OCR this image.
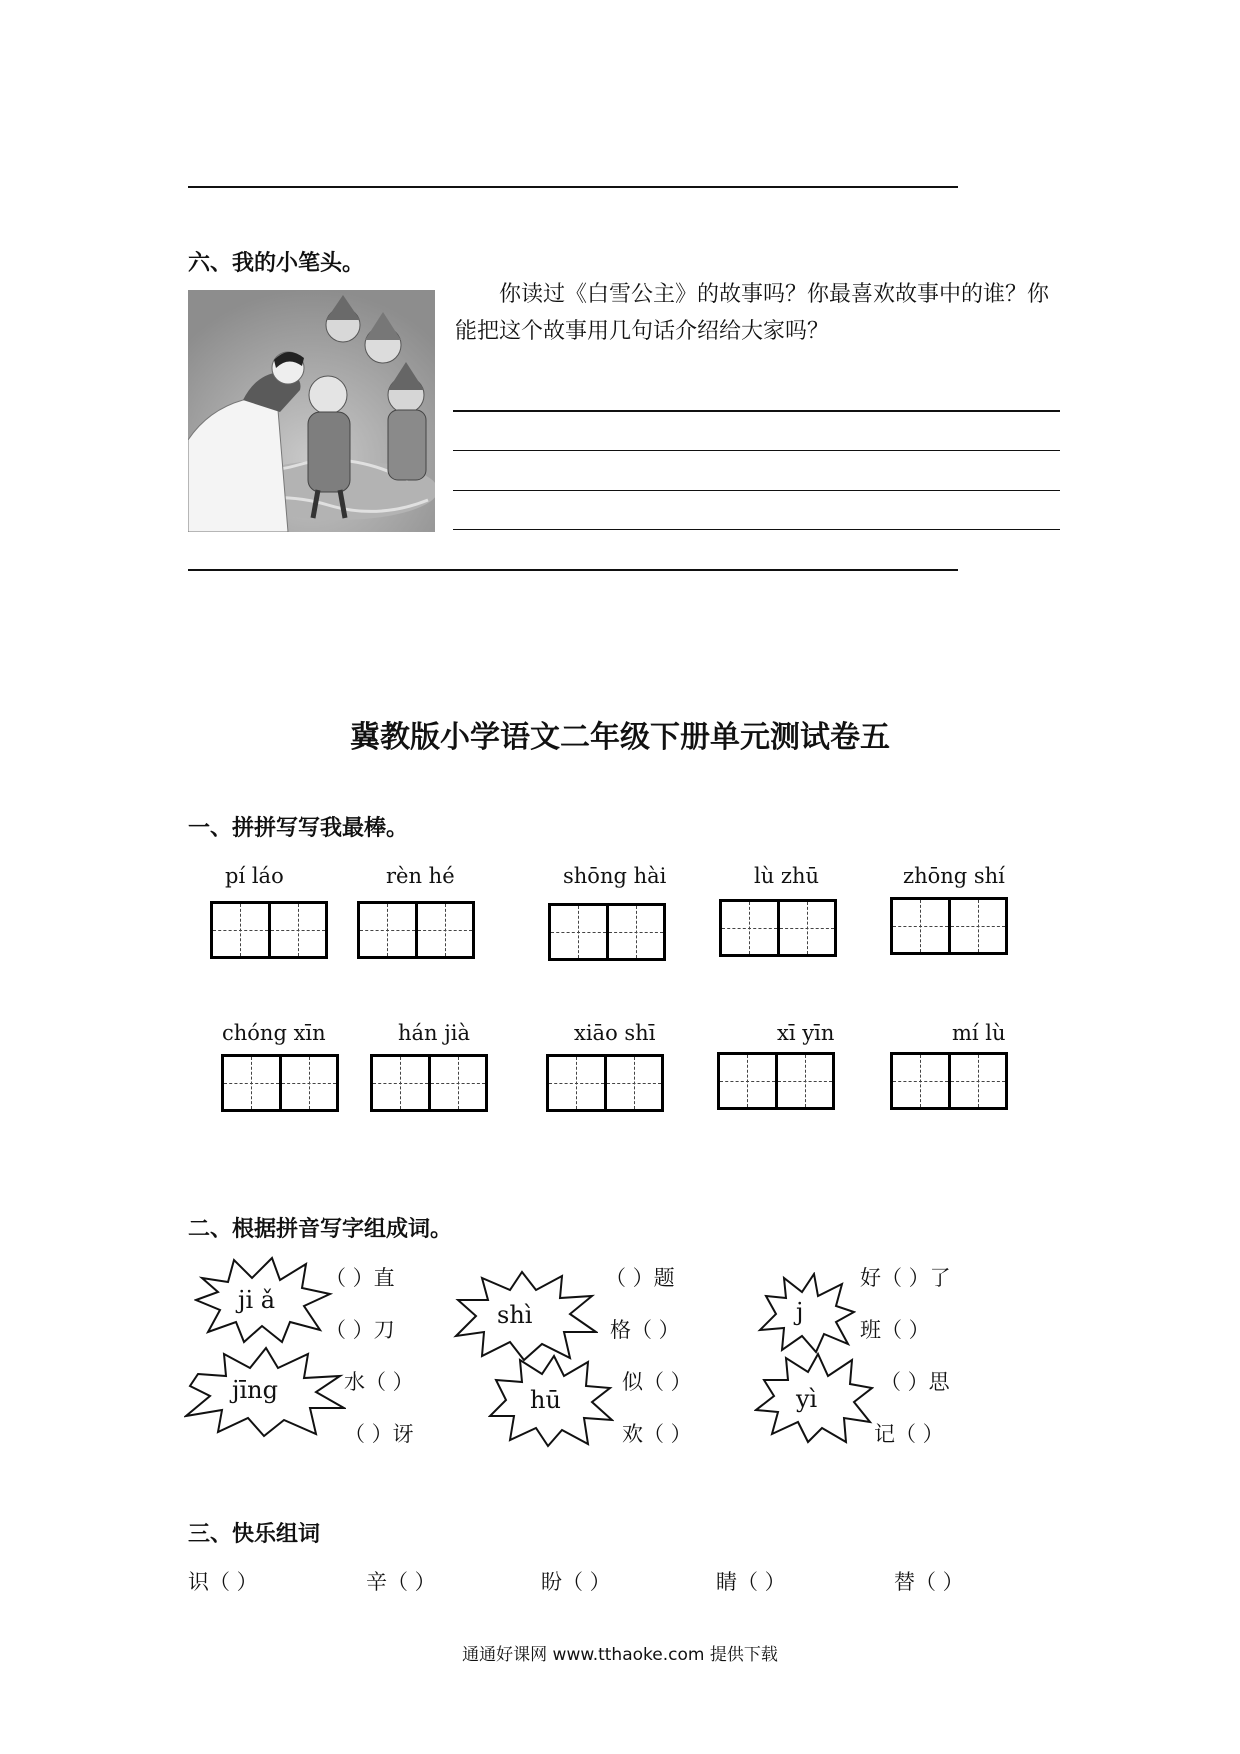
六、我的小笔头。
你读过《白雪公主》的故事吗？你最喜欢故事中的谁？你能把这个故事用几句话介绍给大家吗？
冀教版小学语文二年级下册单元测试卷五
一、拼拼写写我最棒。
pí láo	rèn hé	shōng hài	lù zhū	zhōng shí
chóng xīn	hán jià	xiāo shī	xī yīn	mí lù
二、根据拼音写字组成词。
ji ǎ
（ ）直
（ ）刀
shì
（ ）题
格（ ）
j
好（ ）了
班（ ）
jīng	水（ ）
（ ）讶
hū
似（ ）
欢（ ）
yì
（ ）思
记（ ）
三、快乐组词
识（ ）	辛（ ）	盼（ ）	睛（ ）	替（ ）
通通好课网 www.tthaoke.com 提供下载
